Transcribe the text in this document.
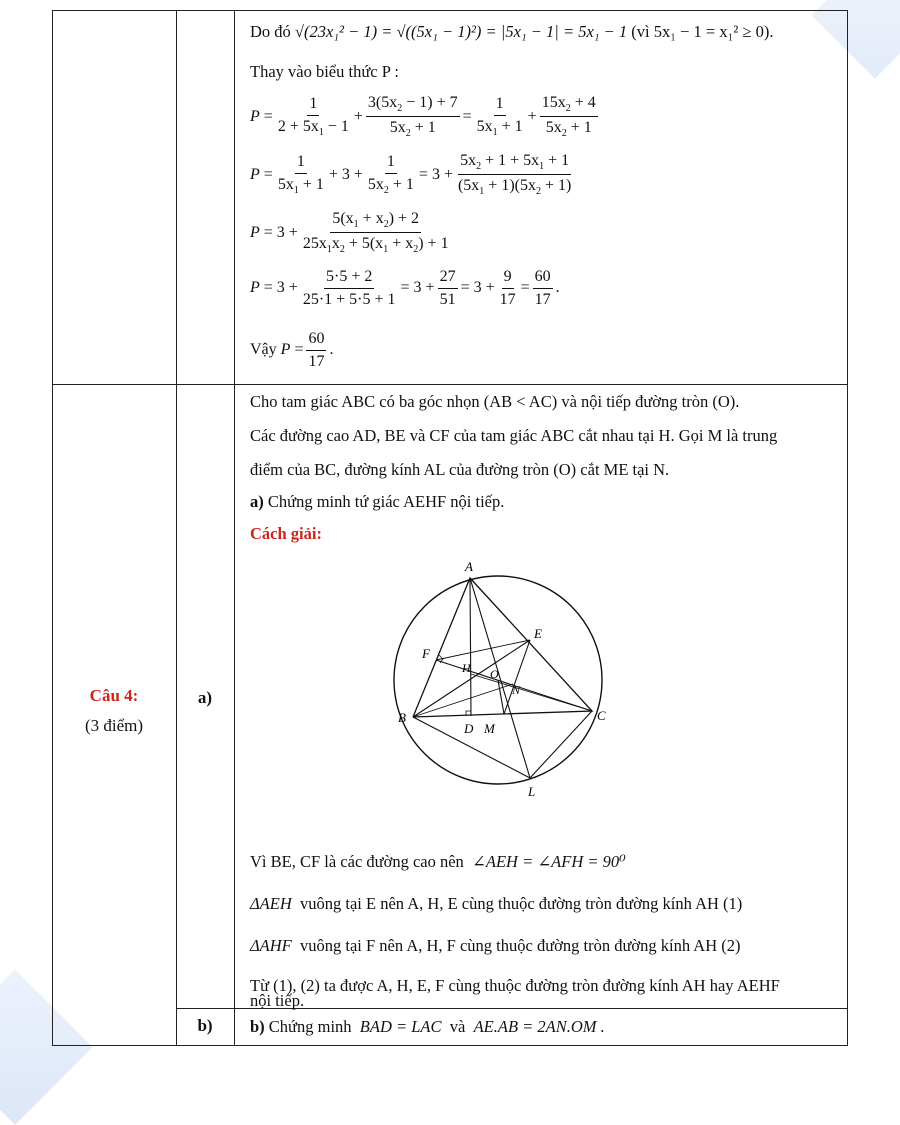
Do đó √(23x₁² − 1) = √((5x₁ − 1)²) = |5x₁ − 1| = 5x₁ − 1 (vì 5x₁ − 1 = x₁² ≥ 0).
Thay vào biểu thức P :
$P = \frac{1}{2 + 5x_1 - 1} + \frac{3(5x_2 - 1) + 7}{5x_2 + 1} = \frac{1}{5x_1 + 1} + \frac{15x_2 + 4}{5x_2 + 1}$
$P = \frac{1}{5x_1 + 1} + 3 + \frac{1}{5x_2 + 1} = 3 + \frac{5x_2 + 1 + 5x_1 + 1}{(5x_1 + 1)(5x_2 + 1)}$
$P = 3 + \frac{5(x_1 + x_2) + 2}{25x_1x_2 + 5(x_1 + x_2) + 1}$
$P = 3 + \frac{5\cdot 5 + 2}{25\cdot 1 + 5\cdot 5 + 1} = 3 + \frac{27}{51} = 3 + \frac{9}{17} = \frac{60}{17}$ .
Vậy
$P = \frac{60}{17}$ .
Câu 4:
(3 điểm)
a)
Cho tam giác ABC có ba góc nhọn (AB < AC) và nội tiếp đường tròn (O).
Các đường cao AD, BE và CF của tam giác ABC cắt nhau tại H. Gọi M là trung
điểm của BC, đường kính AL của đường tròn (O) cắt ME tại N.
a) Chứng minh tứ giác AEHF nội tiếp.
Cách giải:
A
E
F
H O
N
B
D M
C
L
Vì BE, CF là các đường cao nên ∠AEH = ∠AFH = 90⁰
ΔAEH vuông tại E nên A, H, E cùng thuộc đường tròn đường kính AH (1)
ΔAHF vuông tại F nên A, H, F cùng thuộc đường tròn đường kính AH (2)
Từ (1), (2) ta được A, H, E, F cùng thuộc đường tròn đường kính AH hay AEHF
nội tiếp.
b)	b) Chứng minh BAD = LAC và AE.AB = 2AN.OM .
